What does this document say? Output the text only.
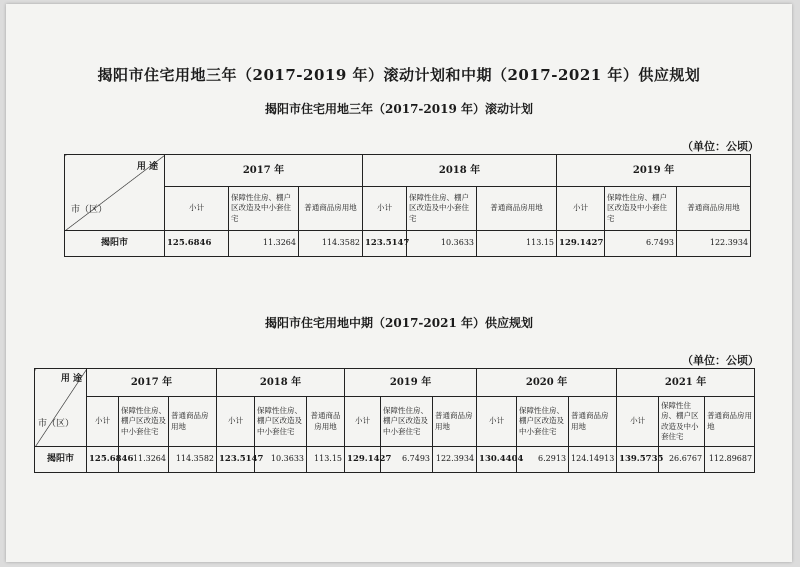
揭阳市住宅用地三年（2017-2019 年）滚动计划和中期（2017-2021 年）供应规划
揭阳市住宅用地三年（2017-2019 年）滚动计划
（单位：公顷）
用 途
市（区）	2017 年			2018 年			2019 年		
	小计	保障性住房、棚户区改造及中小套住宅	普通商品房用地	小计	保障性住房、棚户区改造及中小套住宅	普通商品房用地	小计	保障性住房、棚户区改造及中小套住宅	普通商品房用地
揭阳市	125.6846	11.3264	114.3582	123.5147	10.3633	113.15	129.1427	6.7493	122.3934
揭阳市住宅用地中期（2017-2021 年）供应规划
（单位：公顷）
用 途
市（区）	2017 年			2018 年			2019 年			2020 年			2021 年		
	小计	保障性住房、棚户区改造及中小套住宅	普通商品房用地	小计	保障性住房、棚户区改造及中小套住宅	普通商品房用地	小计	保障性住房、棚户区改造及中小套住宅	普通商品房用地	小计	保障性住房、棚户区改造及中小套住宅	普通商品房用地	小计	保障性住房、棚户区改造及中小套住宅	普通商品房用地
揭阳市	125.6846	11.3264	114.3582	123.5147	10.3633	113.15	129.1427	6.7493	122.3934	130.4404	6.2913	124.14913	139.5735	26.6767	112.89687
